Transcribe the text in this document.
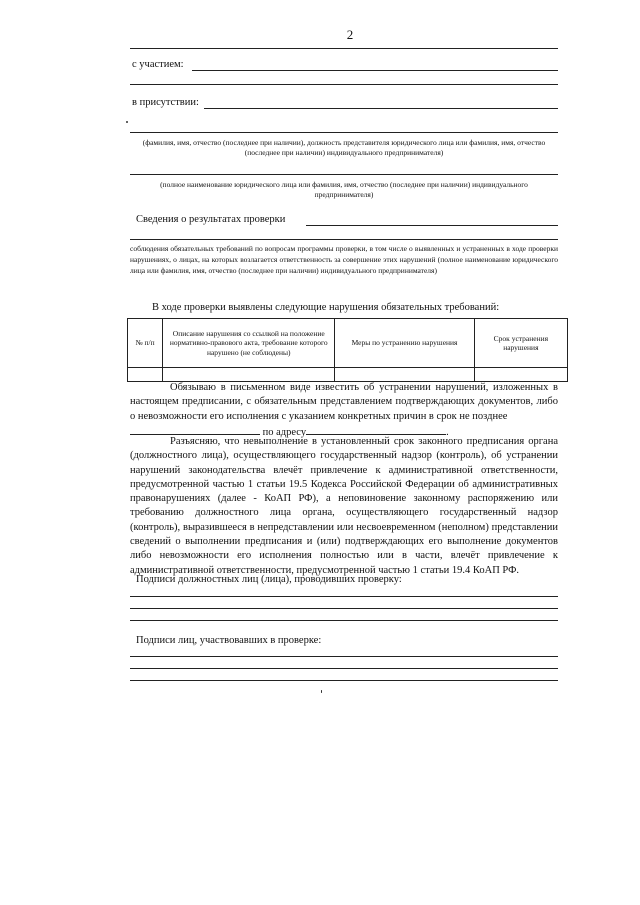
2
с участием:
в присутствии:
(фамилия, имя, отчество (последнее при наличии), должность представителя юридического лица или фамилия, имя, отчество (последнее при наличии) индивидуального предпринимателя)
(полное наименование юридического лица или фамилия, имя, отчество (последнее при наличии) индивидуального предпринимателя)
Сведения о результатах проверки
соблюдения обязательных требований по вопросам программы проверки, в том числе о выявленных и устраненных в ходе проверки нарушениях, о лицах, на которых возлагается ответственность за совершение этих нарушений (полное наименование юридического лица или фамилия, имя, отчество (последнее при наличии) индивидуального предпринимателя)
В ходе проверки выявлены следующие нарушения обязательных требований:
№ п/п	Описание нарушения со ссылкой на положение нормативно-правового акта, требование которого нарушено (не соблюдены)	Меры по устранению нарушения	Срок устранения нарушения

Обязываю в письменном виде известить об устранении нарушений, изложенных в настоящем предписании, с обязательным представлением подтверждающих документов, либо о невозможности его исполнения с указанием конкретных причин в срок не позднее
по адресу	.
Разъясняю, что невыполнение в установленный срок законного предписания органа (должностного лица), осуществляющего государственный надзор (контроль), об устранении нарушений законодательства влечёт привлечение к административной ответственности, предусмотренной частью 1 статьи 19.5 Кодекса Российской Федерации об административных правонарушениях (далее - КоАП РФ), а неповиновение законному распоряжению или требованию должностного лица органа, осуществляющего государственный надзор (контроль), выразившееся в непредставлении или несвоевременном (неполном) представлении сведений о выполнении предписания и (или) подтверждающих его выполнение документов либо невозможности его исполнения полностью или в части, влечёт привлечение к административной ответственности, предусмотренной частью 1 статьи 19.4 КоАП РФ.
Подписи должностных лиц (лица), проводивших проверку:
Подписи лиц, участвовавших в проверке:
